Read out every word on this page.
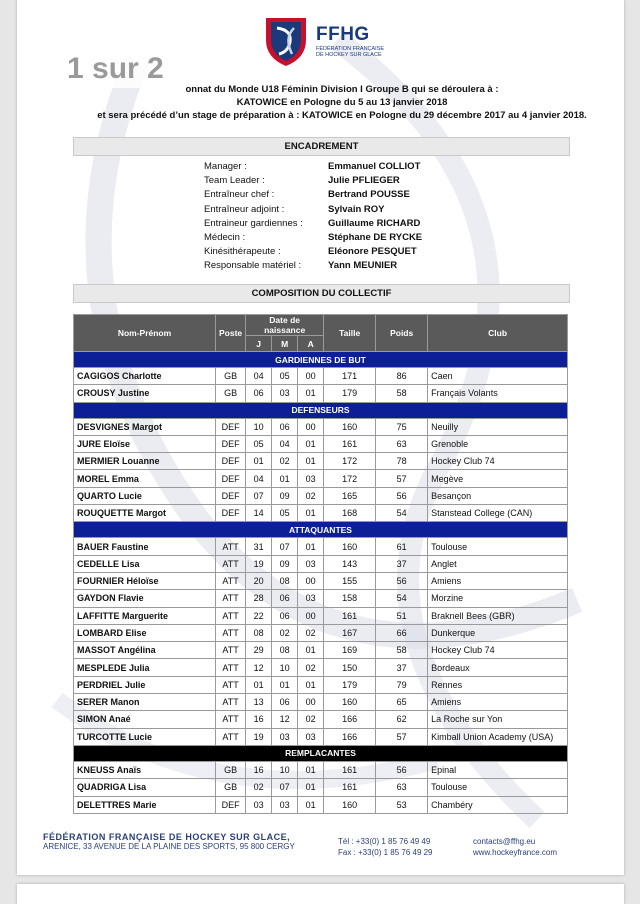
FFHG
FÉDÉRATION FRANÇAISE DE HOCKEY SUR GLACE
1 sur 2
onnat du Monde U18 Féminin Division I Groupe B qui se déroulera à :
KATOWICE en Pologne du 5 au 13 janvier 2018
et sera précédé d’un stage de préparation à : KATOWICE en Pologne du 29 décembre 2017 au 4 janvier 2018.
ENCADREMENT
Manager :	Emmanuel COLLIOT
Team Leader :	Julie PFLIEGER
Entraîneur chef :	Bertrand POUSSE
Entraîneur adjoint :	Sylvain ROY
Entraineur gardiennes :	Guillaume RICHARD
Médecin :	Stéphane DE RYCKE
Kinésithérapeute :	Eléonore PESQUET
Responsable matériel :	Yann MEUNIER
COMPOSITION DU COLLECTIF
Nom-Prénom	Poste	Date de naissance			Taille	Poids	Club
		J	M	A			
GARDIENNES DE BUT							
CAGIGOS Charlotte	GB	04	05	00	171	86	Caen
CROUSY Justine	GB	06	03	01	179	58	Français Volants
DEFENSEURS							
DESVIGNES Margot	DEF	10	06	00	160	75	Neuilly
JURE Eloïse	DEF	05	04	01	161	63	Grenoble
MERMIER Louanne	DEF	01	02	01	172	78	Hockey Club 74
MOREL Emma	DEF	04	01	03	172	57	Megève
QUARTO Lucie	DEF	07	09	02	165	56	Besançon
ROUQUETTE Margot	DEF	14	05	01	168	54	Stanstead College (CAN)
ATTAQUANTES							
BAUER Faustine	ATT	31	07	01	160	61	Toulouse
CEDELLE Lisa	ATT	19	09	03	143	37	Anglet
FOURNIER Héloïse	ATT	20	08	00	155	56	Amiens
GAYDON Flavie	ATT	28	06	03	158	54	Morzine
LAFFITTE Marguerite	ATT	22	06	00	161	51	Braknell Bees (GBR)
LOMBARD Elise	ATT	08	02	02	167	66	Dunkerque
MASSOT Angélina	ATT	29	08	01	169	58	Hockey Club 74
MESPLEDE Julia	ATT	12	10	02	150	37	Bordeaux
PERDRIEL Julie	ATT	01	01	01	179	79	Rennes
SERER Manon	ATT	13	06	00	160	65	Amiens
SIMON Anaé	ATT	16	12	02	166	62	La Roche sur Yon
TURCOTTE Lucie	ATT	19	03	03	166	57	Kimball Union Academy (USA)
REMPLACANTES							
KNEUSS Anaïs	GB	16	10	01	161	56	Epinal
QUADRIGA Lisa	GB	02	07	01	161	63	Toulouse
DELETTRES Marie	DEF	03	03	01	160	53	Chambéry
FÉDÉRATION FRANÇAISE DE HOCKEY SUR GLACE,
ARENICE, 33 AVENUE DE LA PLAINE DES SPORTS, 95 800 CERGY
Tél : +33(0) 1 85 76 49 49
Fax : +33(0) 1 85 76 49 29
contacts@ffhg.eu
www.hockeyfrance.com
